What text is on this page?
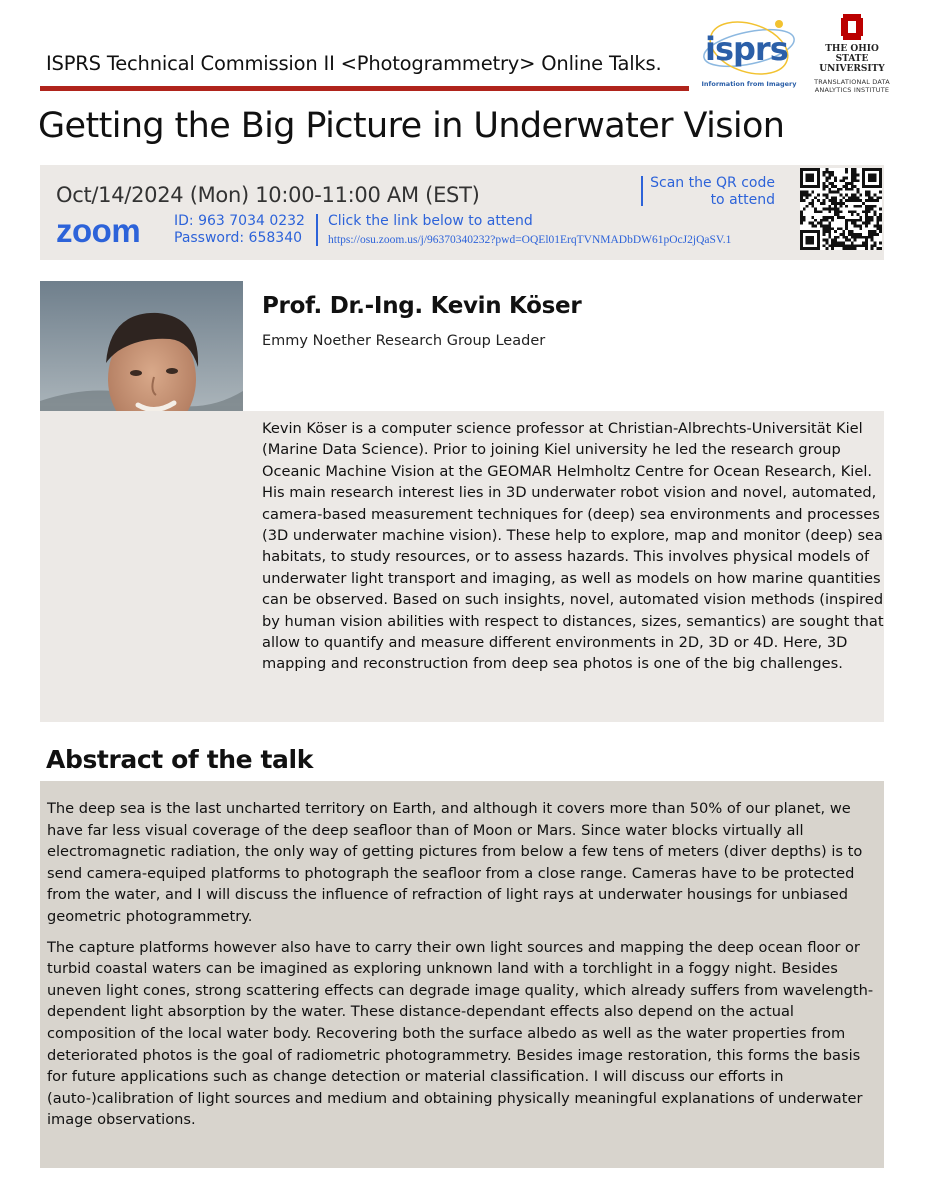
ISPRS Technical Commission II <Photogrammetry> Online Talks. isprs
Information from Imagery
THE OHIO STATE
UNIVERSITY
TRANSLATIONAL DATA
ANALYTICS INSTITUTE
Getting the Big Picture in Underwater Vision
Oct/14/2024 (Mon) 10:00-11:00 AM (EST)
zoom ID: 963 7034 0232
Password: 658340
Click the link below to attend
https://osu.zoom.us/j/96370340232?pwd=OQEl01ErqTVNMADbDW61pOcJ2jQaSV.1
Scan the QR code
to attend
Prof. Dr.-Ing. Kevin Köser
Emmy Noether Research Group Leader
Kevin Köser is a computer science professor at Christian-Albrechts-Universität Kiel (Marine Data Science). Prior to joining Kiel university he led the research group Oceanic Machine Vision at the GEOMAR Helmholtz Centre for Ocean Research, Kiel. His main research interest lies in 3D underwater robot vision and novel, automated, camera-based measurement techniques for (deep) sea environments and processes (3D underwater machine vision). These help to explore, map and monitor (deep) sea habitats, to study resources, or to assess hazards. This involves physical models of underwater light transport and imaging, as well as models on how marine quantities can be observed. Based on such insights, novel, automated vision methods (inspired by human vision abilities with respect to distances, sizes, semantics) are sought that allow to quantify and measure different environments in 2D, 3D or 4D. Here, 3D mapping and reconstruction from deep sea photos is one of the big challenges.
Abstract of the talk

The deep sea is the last uncharted territory on Earth, and although it covers more than 50% of our planet, we have far less visual coverage of the deep seafloor than of Moon or Mars. Since water blocks virtually all electromagnetic radiation, the only way of getting pictures from below a few tens of meters (diver depths) is to send camera-equiped platforms to photograph the seafloor from a close range. Cameras have to be protected from the water, and I will discuss the influence of refraction of light rays at underwater housings for unbiased geometric photogrammetry.

The capture platforms however also have to carry their own light sources and mapping the deep ocean floor or turbid coastal waters can be imagined as exploring unknown land with a torchlight in a foggy night. Besides uneven light cones, strong scattering effects can degrade image quality, which already suffers from wavelength-dependent light absorption by the water. These distance-dependant effects also depend on the actual composition of the local water body. Recovering both the surface albedo as well as the water properties from deteriorated photos is the goal of radiometric photogrammetry. Besides image restoration, this forms the basis for future applications such as change detection or material classification. I will discuss our efforts in (auto-)calibration of light sources and medium and obtaining physically meaningful explanations of underwater image observations.
